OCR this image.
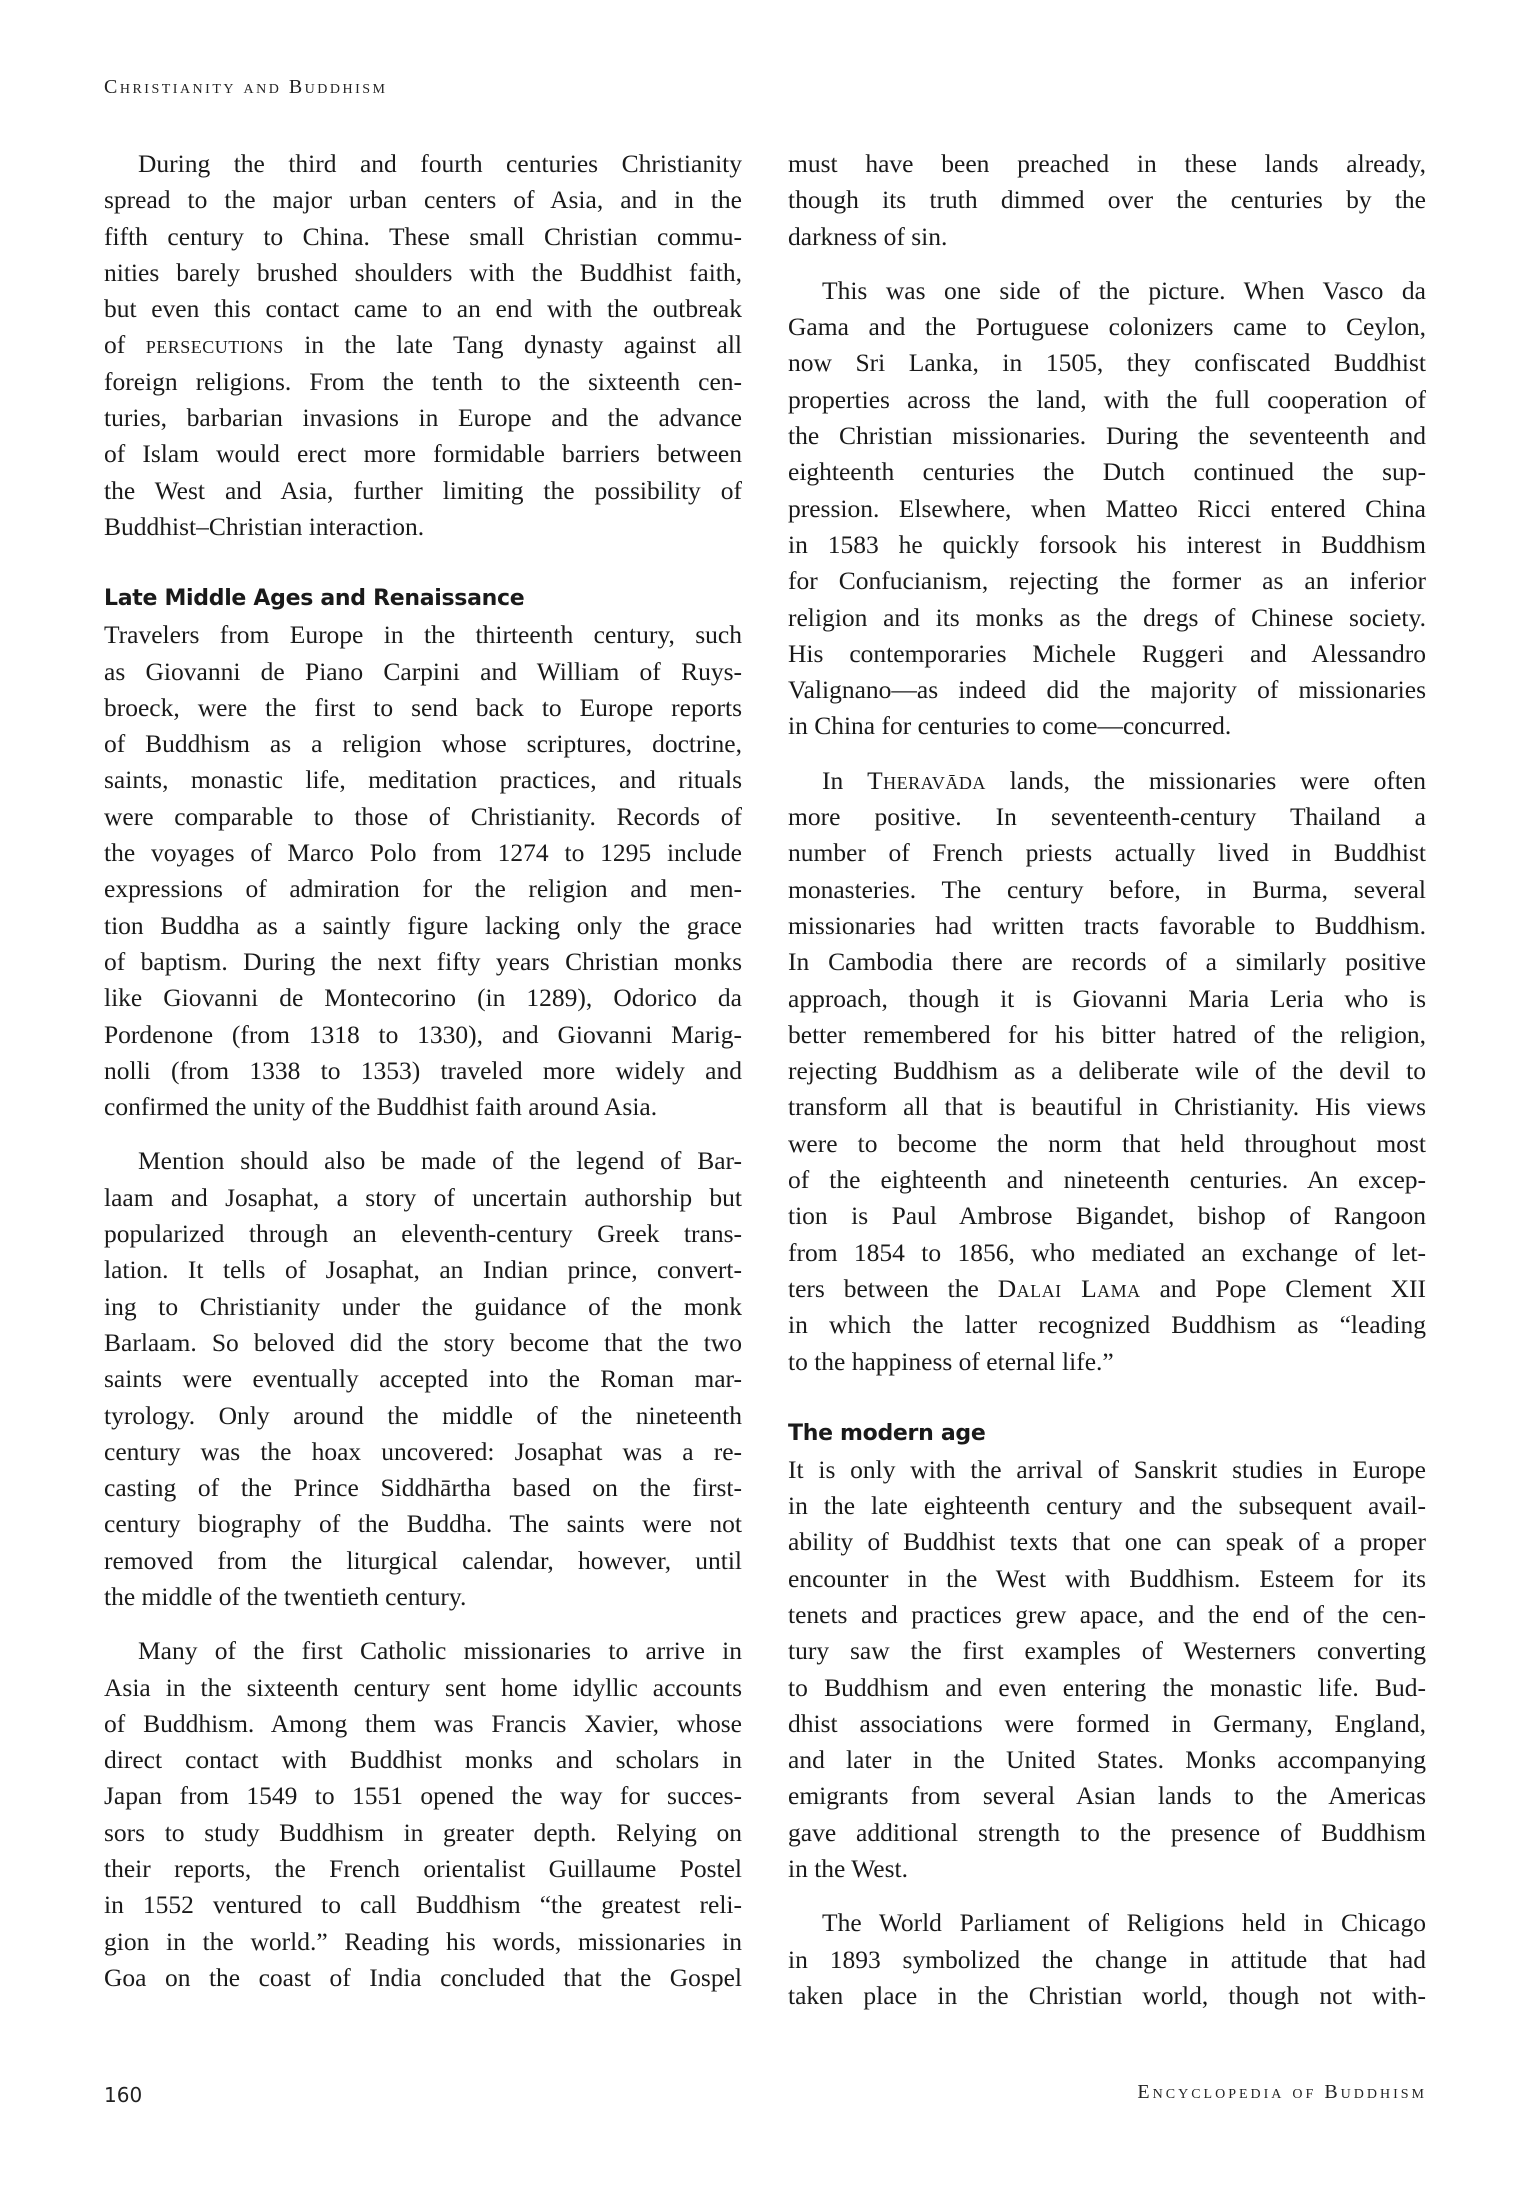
Christianity and Buddhism
During the third and fourth centuries Christianity
spread to the major urban centers of Asia, and in the
fifth century to China. These small Christian commu-
nities barely brushed shoulders with the Buddhist faith,
but even this contact came to an end with the outbreak
of persecutions in the late Tang dynasty against all
foreign religions. From the tenth to the sixteenth cen-
turies, barbarian invasions in Europe and the advance
of Islam would erect more formidable barriers between
the West and Asia, further limiting the possibility of
Buddhist–Christian interaction.
Late Middle Ages and Renaissance
Travelers from Europe in the thirteenth century, such
as Giovanni de Piano Carpini and William of Ruys-
broeck, were the first to send back to Europe reports
of Buddhism as a religion whose scriptures, doctrine,
saints, monastic life, meditation practices, and rituals
were comparable to those of Christianity. Records of
the voyages of Marco Polo from 1274 to 1295 include
expressions of admiration for the religion and men-
tion Buddha as a saintly figure lacking only the grace
of baptism. During the next fifty years Christian monks
like Giovanni de Montecorino (in 1289), Odorico da
Pordenone (from 1318 to 1330), and Giovanni Marig-
nolli (from 1338 to 1353) traveled more widely and
confirmed the unity of the Buddhist faith around Asia.
Mention should also be made of the legend of Bar-
laam and Josaphat, a story of uncertain authorship but
popularized through an eleventh-century Greek trans-
lation. It tells of Josaphat, an Indian prince, convert-
ing to Christianity under the guidance of the monk
Barlaam. So beloved did the story become that the two
saints were eventually accepted into the Roman mar-
tyrology. Only around the middle of the nineteenth
century was the hoax uncovered: Josaphat was a re-
casting of the Prince Siddhārtha based on the first-
century biography of the Buddha. The saints were not
removed from the liturgical calendar, however, until
the middle of the twentieth century.
Many of the first Catholic missionaries to arrive in
Asia in the sixteenth century sent home idyllic accounts
of Buddhism. Among them was Francis Xavier, whose
direct contact with Buddhist monks and scholars in
Japan from 1549 to 1551 opened the way for succes-
sors to study Buddhism in greater depth. Relying on
their reports, the French orientalist Guillaume Postel
in 1552 ventured to call Buddhism “the greatest reli-
gion in the world.” Reading his words, missionaries in
Goa on the coast of India concluded that the Gospel
must have been preached in these lands already,
though its truth dimmed over the centuries by the
darkness of sin.
This was one side of the picture. When Vasco da
Gama and the Portuguese colonizers came to Ceylon,
now Sri Lanka, in 1505, they confiscated Buddhist
properties across the land, with the full cooperation of
the Christian missionaries. During the seventeenth and
eighteenth centuries the Dutch continued the sup-
pression. Elsewhere, when Matteo Ricci entered China
in 1583 he quickly forsook his interest in Buddhism
for Confucianism, rejecting the former as an inferior
religion and its monks as the dregs of Chinese society.
His contemporaries Michele Ruggeri and Alessandro
Valignano—as indeed did the majority of missionaries
in China for centuries to come—concurred.
In Theravāda lands, the missionaries were often
more positive. In seventeenth-century Thailand a
number of French priests actually lived in Buddhist
monasteries. The century before, in Burma, several
missionaries had written tracts favorable to Buddhism.
In Cambodia there are records of a similarly positive
approach, though it is Giovanni Maria Leria who is
better remembered for his bitter hatred of the religion,
rejecting Buddhism as a deliberate wile of the devil to
transform all that is beautiful in Christianity. His views
were to become the norm that held throughout most
of the eighteenth and nineteenth centuries. An excep-
tion is Paul Ambrose Bigandet, bishop of Rangoon
from 1854 to 1856, who mediated an exchange of let-
ters between the Dalai Lama and Pope Clement XII
in which the latter recognized Buddhism as “leading
to the happiness of eternal life.”
The modern age
It is only with the arrival of Sanskrit studies in Europe
in the late eighteenth century and the subsequent avail-
ability of Buddhist texts that one can speak of a proper
encounter in the West with Buddhism. Esteem for its
tenets and practices grew apace, and the end of the cen-
tury saw the first examples of Westerners converting
to Buddhism and even entering the monastic life. Bud-
dhist associations were formed in Germany, England,
and later in the United States. Monks accompanying
emigrants from several Asian lands to the Americas
gave additional strength to the presence of Buddhism
in the West.
The World Parliament of Religions held in Chicago
in 1893 symbolized the change in attitude that had
taken place in the Christian world, though not with-
160	Encyclopedia of Buddhism
